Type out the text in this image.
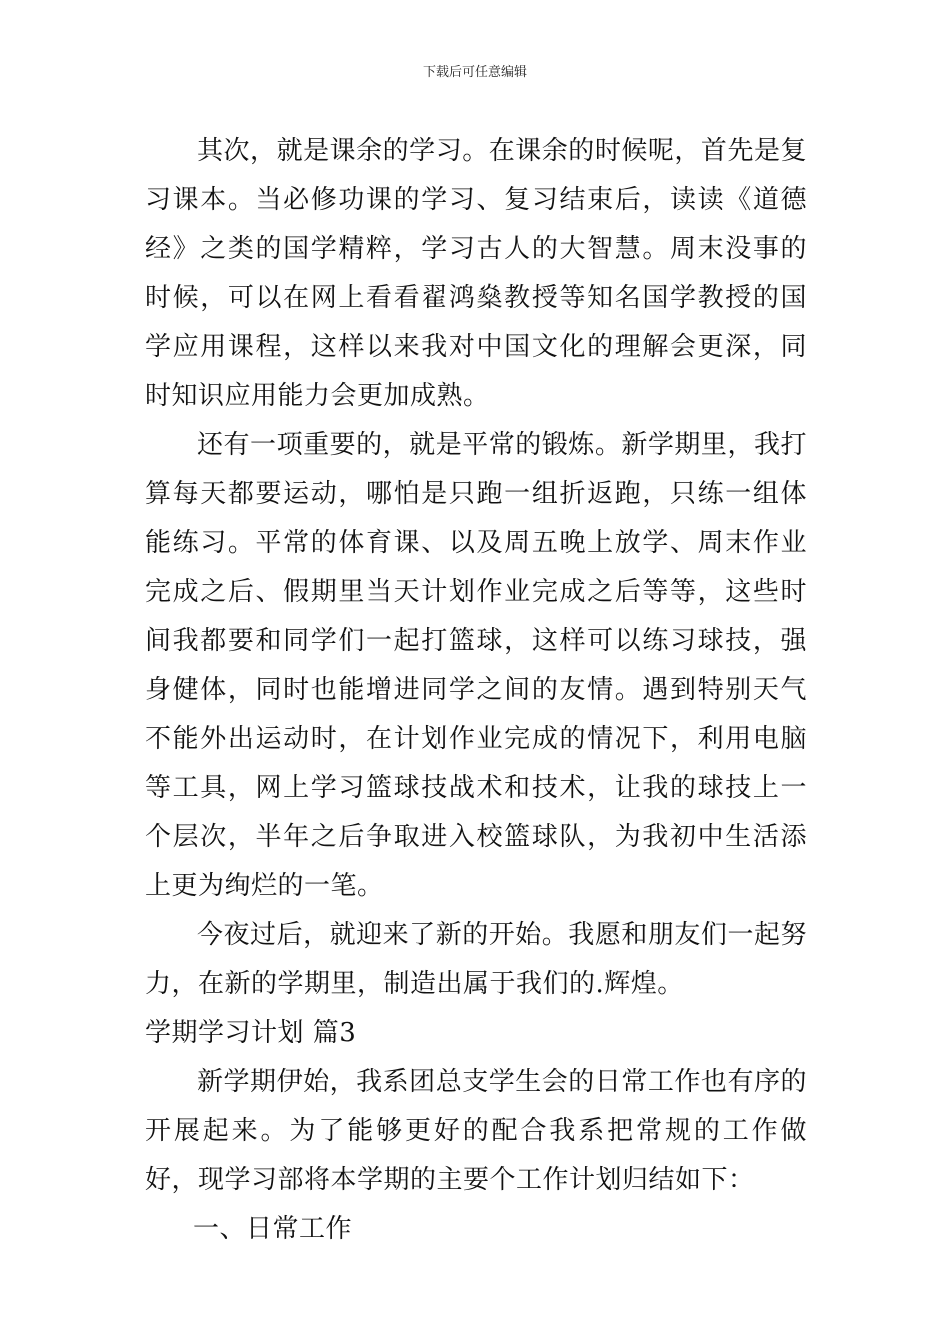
下载后可任意编辑

其次，就是课余的学习。在课余的时候呢，首先是复习课本。当必修功课的学习、复习结束后，读读《道德经》之类的国学精粹，学习古人的大智慧。周末没事的时候，可以在网上看看翟鸿燊教授等知名国学教授的国学应用课程，这样以来我对中国文化的理解会更深，同时知识应用能力会更加成熟。

还有一项重要的，就是平常的锻炼。新学期里，我打算每天都要运动，哪怕是只跑一组折返跑，只练一组体能练习。平常的体育课、以及周五晚上放学、周末作业完成之后、假期里当天计划作业完成之后等等，这些时间我都要和同学们一起打篮球，这样可以练习球技，强身健体，同时也能增进同学之间的友情。遇到特别天气不能外出运动时，在计划作业完成的情况下，利用电脑等工具，网上学习篮球技战术和技术，让我的球技上一个层次，半年之后争取进入校篮球队，为我初中生活添上更为绚烂的一笔。

今夜过后，就迎来了新的开始。我愿和朋友们一起努力，在新的学期里，制造出属于我们的.辉煌。

学期学习计划 篇3

新学期伊始，我系团总支学生会的日常工作也有序的开展起来。为了能够更好的配合我系把常规的工作做好，现学习部将本学期的主要个工作计划归结如下：

一、日常工作
